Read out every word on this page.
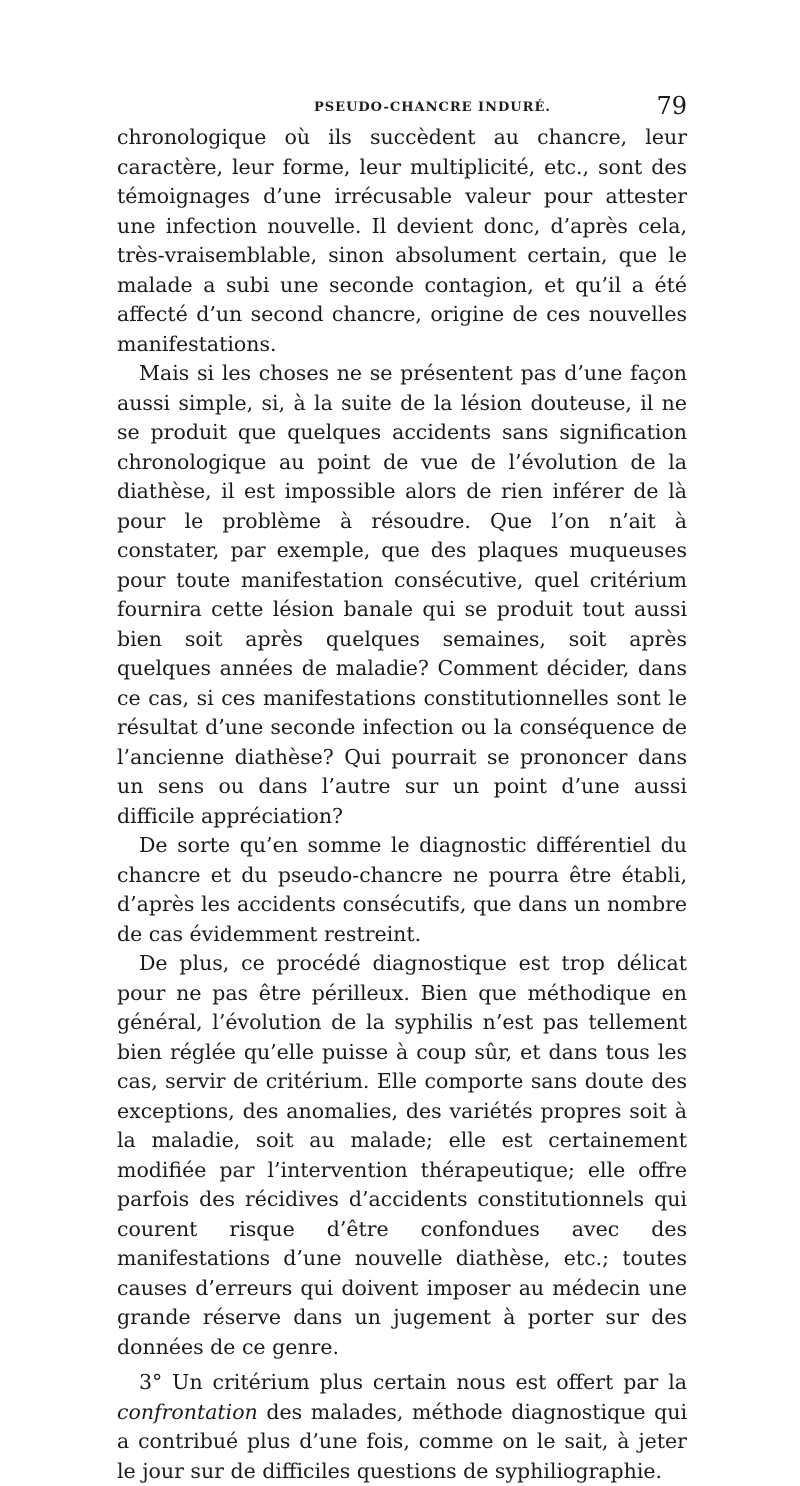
PSEUDO-CHANCRE INDURÉ.	79

chronologique où ils succèdent au chancre, leur caractère, leur forme, leur multiplicité, etc., sont des témoignages d’une irrécusable valeur pour attester une infection nouvelle. Il devient donc, d’après cela, très-vraisemblable, sinon absolument certain, que le malade a subi une seconde contagion, et qu’il a été affecté d’un second chancre, origine de ces nouvelles manifestations.

Mais si les choses ne se présentent pas d’une façon aussi simple, si, à la suite de la lésion douteuse, il ne se produit que quelques accidents sans signification chronologique au point de vue de l’évolution de la diathèse, il est impossible alors de rien inférer de là pour le problème à résoudre. Que l’on n’ait à constater, par exemple, que des plaques muqueuses pour toute manifestation consécutive, quel critérium fournira cette lésion banale qui se produit tout aussi bien soit après quelques semaines, soit après quelques années de maladie? Comment décider, dans ce cas, si ces manifestations constitutionnelles sont le résultat d’une seconde infection ou la conséquence de l’ancienne diathèse? Qui pourrait se prononcer dans un sens ou dans l’autre sur un point d’une aussi difficile appréciation?

De sorte qu’en somme le diagnostic différentiel du chancre et du pseudo-chancre ne pourra être établi, d’après les accidents consécutifs, que dans un nombre de cas évidemment restreint.

De plus, ce procédé diagnostique est trop délicat pour ne pas être périlleux. Bien que méthodique en général, l’évolution de la syphilis n’est pas tellement bien réglée qu’elle puisse à coup sûr, et dans tous les cas, servir de critérium. Elle comporte sans doute des exceptions, des anomalies, des variétés propres soit à la maladie, soit au malade; elle est certainement modifiée par l’intervention thérapeutique; elle offre parfois des récidives d’accidents constitutionnels qui courent risque d’être confondues avec des manifestations d’une nouvelle diathèse, etc.; toutes causes d’erreurs qui doivent imposer au médecin une grande réserve dans un jugement à porter sur des données de ce genre.

3° Un critérium plus certain nous est offert par la confrontation des malades, méthode diagnostique qui a contribué plus d’une fois, comme on le sait, à jeter le jour sur de difficiles questions de syphiliographie.
